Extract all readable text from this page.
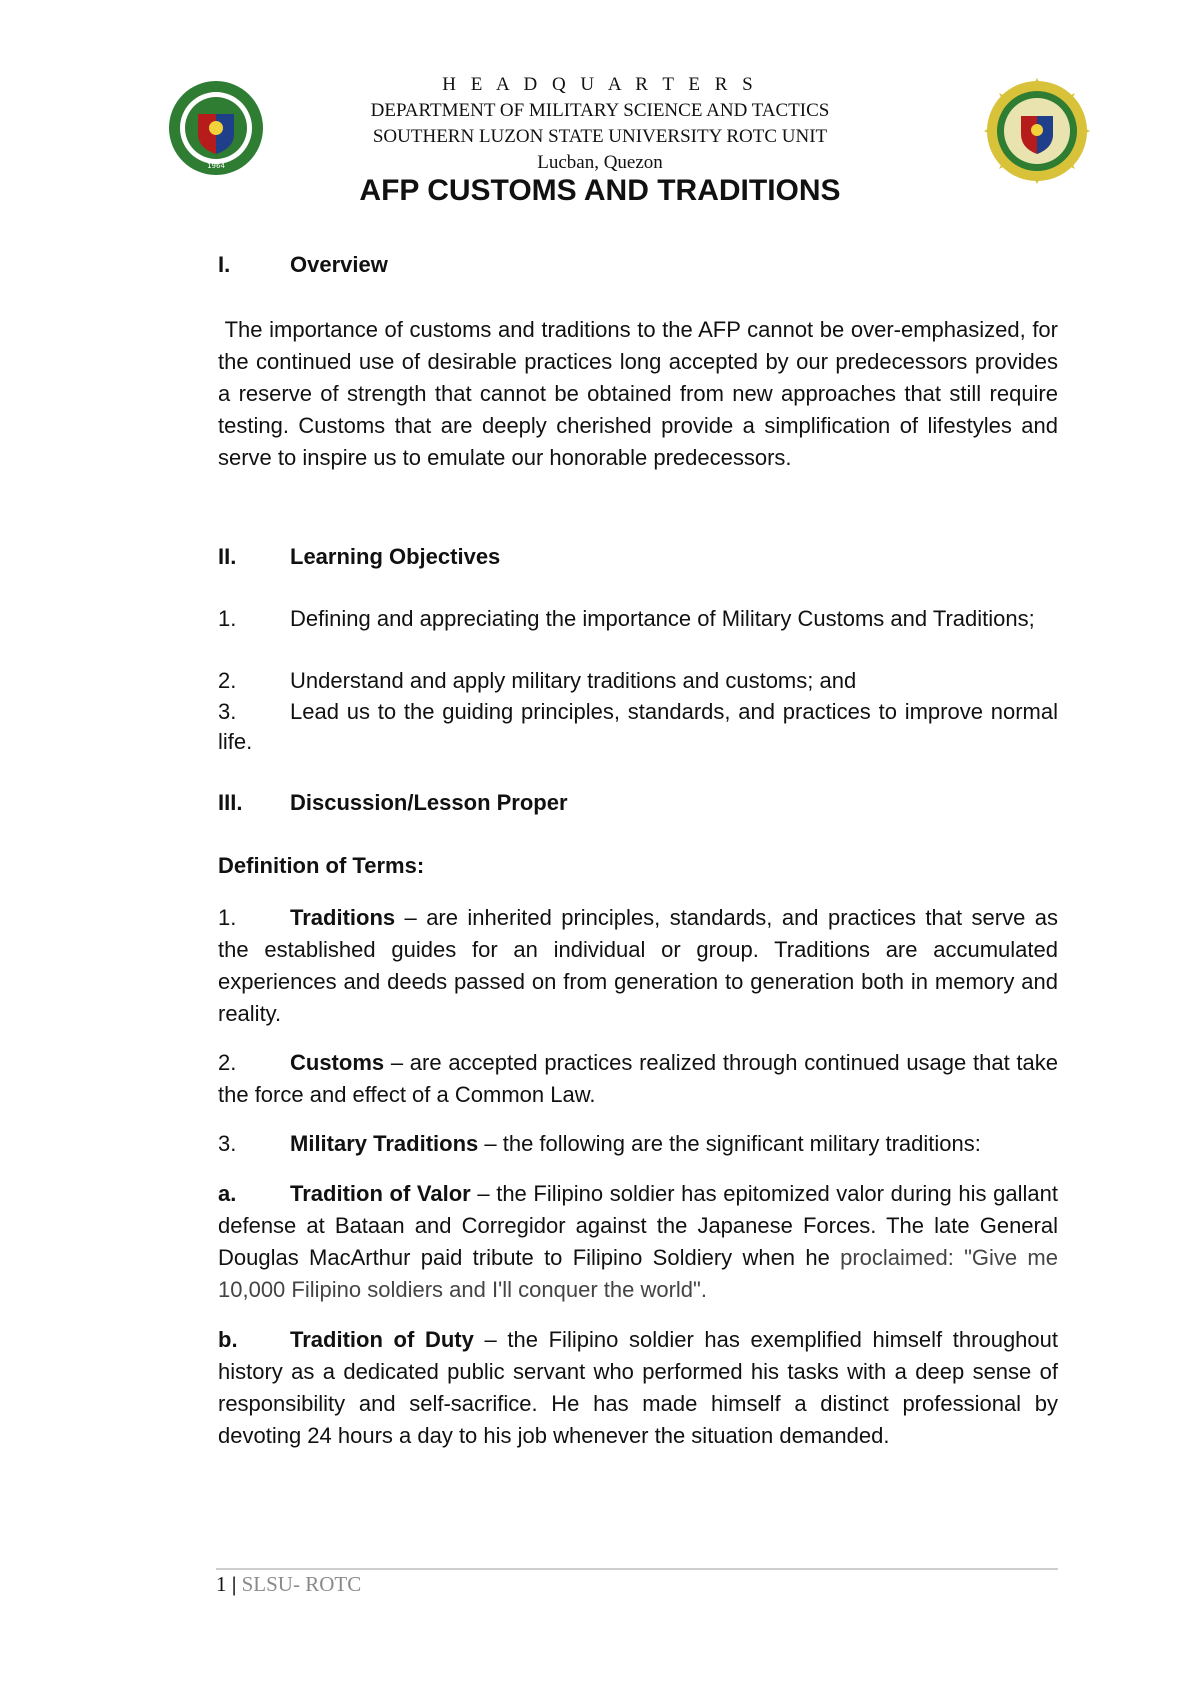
1964
H E A D Q U A R T E R S
DEPARTMENT OF MILITARY SCIENCE AND TACTICS
SOUTHERN LUZON STATE UNIVERSITY ROTC UNIT
Lucban, Quezon
AFP CUSTOMS AND TRADITIONS
I.	Overview
The importance of customs and traditions to the AFP cannot be over-emphasized, for the continued use of desirable practices long accepted by our predecessors provides a reserve of strength that cannot be obtained from new approaches that still require testing. Customs that are deeply cherished provide a simplification of lifestyles and serve to inspire us to emulate our honorable predecessors.
II. Learning Objectives
1. Defining and appreciating the importance of Military Customs and Traditions;
2. Understand and apply military traditions and customs; and
3. Lead us to the guiding principles, standards, and practices to improve normal life.
III. Discussion/Lesson Proper
Definition of Terms:
1. Traditions – are inherited principles, standards, and practices that serve as the established guides for an individual or group. Traditions are accumulated experiences and deeds passed on from generation to generation both in memory and reality.
2. Customs – are accepted practices realized through continued usage that take the force and effect of a Common Law.
3. Military Traditions – the following are the significant military traditions:
a. Tradition of Valor – the Filipino soldier has epitomized valor during his gallant defense at Bataan and Corregidor against the Japanese Forces. The late General Douglas MacArthur paid tribute to Filipino Soldiery when he proclaimed: "Give me 10,000 Filipino soldiers and I'll conquer the world".
b. Tradition of Duty – the Filipino soldier has exemplified himself throughout history as a dedicated public servant who performed his tasks with a deep sense of responsibility and self-sacrifice. He has made himself a distinct professional by devoting 24 hours a day to his job whenever the situation demanded.
1 | SLSU- ROTC
